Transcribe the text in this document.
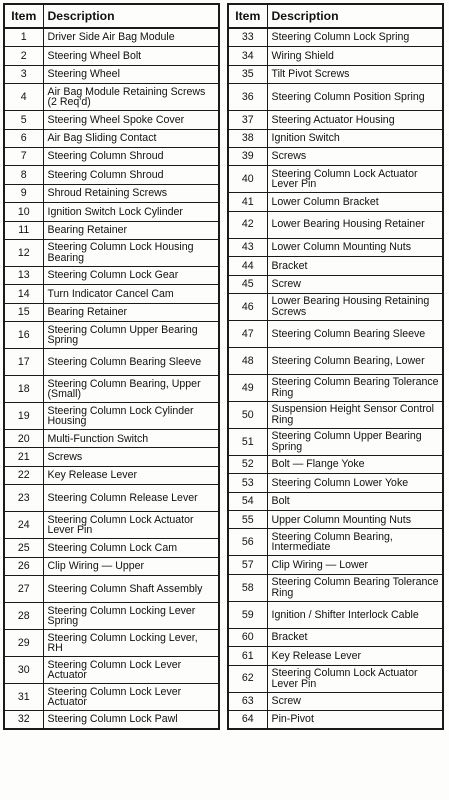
Item	Description
1	Driver Side Air Bag Module
2	Steering Wheel Bolt
3	Steering Wheel
4	Air Bag Module Retaining Screws (2 Req'd)
5	Steering Wheel Spoke Cover
6	Air Bag Sliding Contact
7	Steering Column Shroud
8	Steering Column Shroud
9	Shroud Retaining Screws
10	Ignition Switch Lock Cylinder
11	Bearing Retainer
12	Steering Column Lock Housing Bearing
13	Steering Column Lock Gear
14	Turn Indicator Cancel Cam
15	Bearing Retainer
16	Steering Column Upper Bearing Spring
17	Steering Column Bearing Sleeve
18	Steering Column Bearing, Upper (Small)
19	Steering Column Lock Cylinder Housing
20	Multi-Function Switch
21	Screws
22	Key Release Lever
23	Steering Column Release Lever
24	Steering Column Lock Actuator Lever Pin
25	Steering Column Lock Cam
26	Clip Wiring — Upper
27	Steering Column Shaft Assembly
28	Steering Column Locking Lever Spring
29	Steering Column Locking Lever, RH
30	Steering Column Lock Lever Actuator
31	Steering Column Lock Lever Actuator
32	Steering Column Lock Pawl
Item	Description
33	Steering Column Lock Spring
34	Wiring Shield
35	Tilt Pivot Screws
36	Steering Column Position Spring
37	Steering Actuator Housing
38	Ignition Switch
39	Screws
40	Steering Column Lock Actuator Lever Pin
41	Lower Column Bracket
42	Lower Bearing Housing Retainer
43	Lower Column Mounting Nuts
44	Bracket
45	Screw
46	Lower Bearing Housing Retaining Screws
47	Steering Column Bearing Sleeve
48	Steering Column Bearing, Lower
49	Steering Column Bearing Tolerance Ring
50	Suspension Height Sensor Control Ring
51	Steering Column Upper Bearing Spring
52	Bolt — Flange Yoke
53	Steering Column Lower Yoke
54	Bolt
55	Upper Column Mounting Nuts
56	Steering Column Bearing, Intermediate
57	Clip Wiring — Lower
58	Steering Column Bearing Tolerance Ring
59	Ignition / Shifter Interlock Cable
60	Bracket
61	Key Release Lever
62	Steering Column Lock Actuator Lever Pin
63	Screw
64	Pin-Pivot
